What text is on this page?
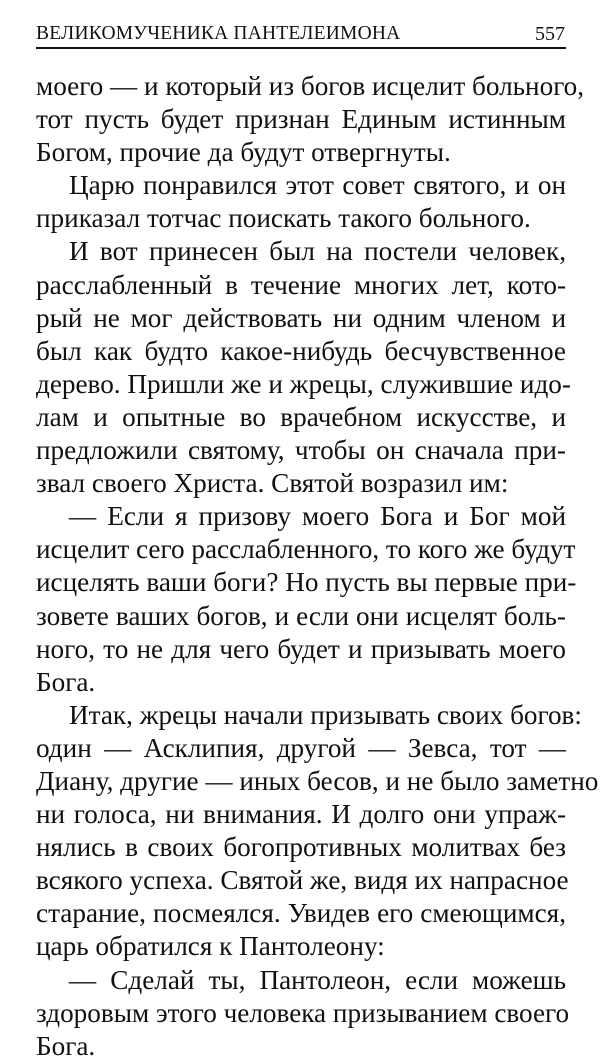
ВЕЛИКОМУЧЕНИКА ПАНТЕЛЕИМОНА	557
моего — и который из богов исцелит больного,
тот пусть будет признан Единым истинным
Богом, прочие да будут отвергнуты.
Царю понравился этот совет святого, и он
приказал тотчас поискать такого больного.
И вот принесен был на постели человек,
расслабленный в течение многих лет, кото-
рый не мог действовать ни одним членом и
был как будто какое-нибудь бесчувственное
дерево. Пришли же и жрецы, служившие идо-
лам и опытные во врачебном искусстве, и
предложили святому, чтобы он сначала при-
звал своего Христа. Святой возразил им:
— Если я призову моего Бога и Бог мой
исцелит сего расслабленного, то кого же будут
исцелять ваши боги? Но пусть вы первые при-
зовете ваших богов, и если они исцелят боль-
ного, то не для чего будет и призывать моего
Бога.
Итак, жрецы начали призывать своих богов:
один — Асклипия, другой — Зевса, тот —
Диану, другие — иных бесов, и не было заметно
ни голоса, ни внимания. И долго они упраж-
нялись в своих богопротивных молитвах без
всякого успеха. Святой же, видя их напрасное
старание, посмеялся. Увидев его смеющимся,
царь обратился к Пантолеону:
— Сделай ты, Пантолеон, если можешь
здоровым этого человека призыванием своего
Бога.
